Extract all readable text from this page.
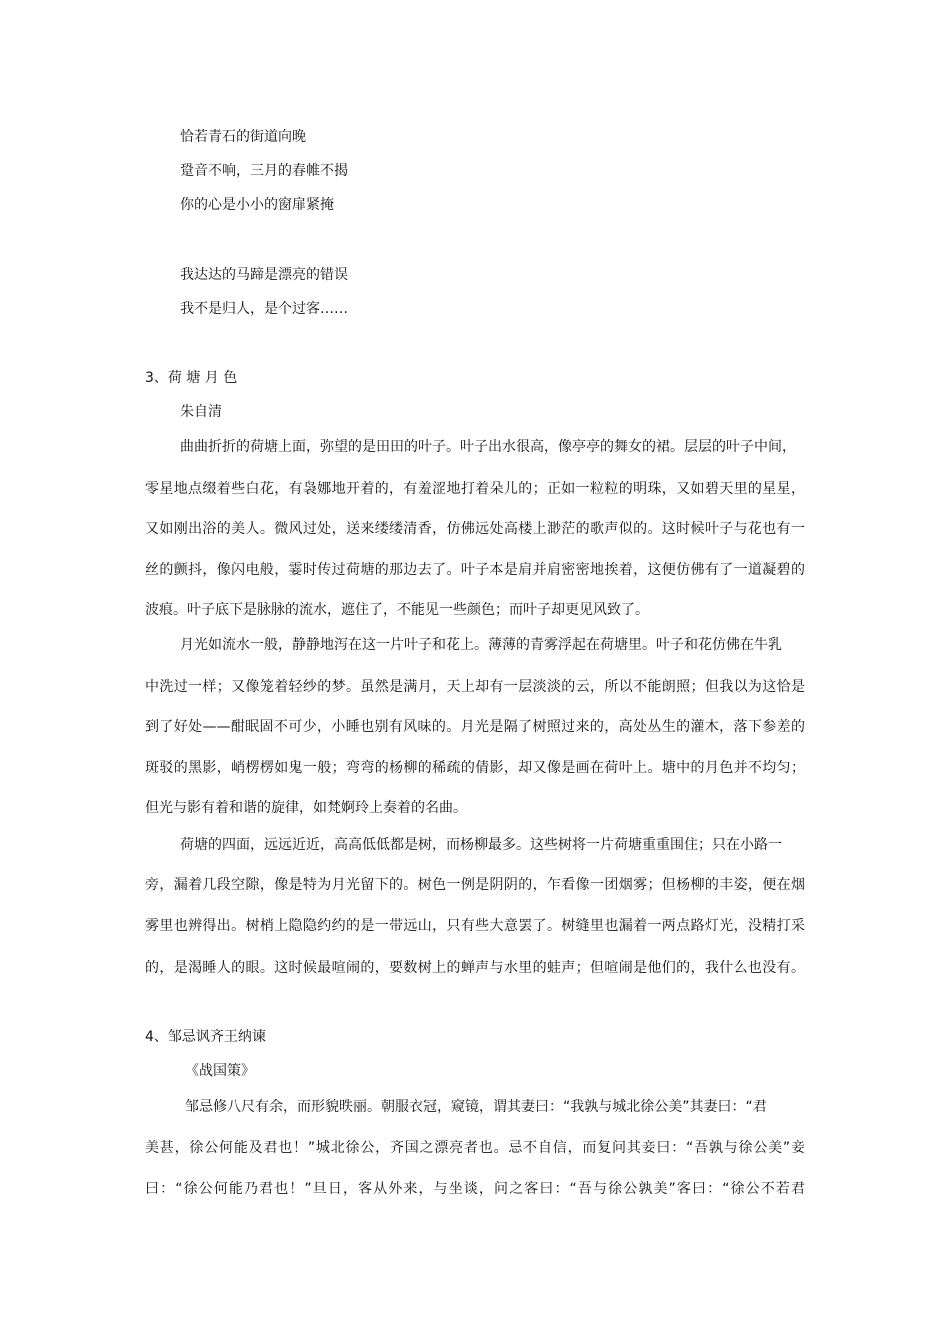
恰若青石的街道向晚

跫音不响，三月的春帷不揭

你的心是小小的窗扉紧掩

我达达的马蹄是漂亮的错误

我不是归人，是个过客……

3、荷 塘 月 色

朱自清

曲曲折折的荷塘上面，弥望的是田田的叶子。叶子出水很高，像亭亭的舞女的裙。层层的叶子中间，

零星地点缀着些白花，有袅娜地开着的，有羞涩地打着朵儿的；正如一粒粒的明珠，又如碧天里的星星，

又如刚出浴的美人。微风过处，送来缕缕清香，仿佛远处高楼上渺茫的歌声似的。这时候叶子与花也有一

丝的颤抖，像闪电般，霎时传过荷塘的那边去了。叶子本是肩并肩密密地挨着，这便仿佛有了一道凝碧的

波痕。叶子底下是脉脉的流水，遮住了，不能见一些颜色；而叶子却更见风致了。

月光如流水一般，静静地泻在这一片叶子和花上。薄薄的青雾浮起在荷塘里。叶子和花仿佛在牛乳

中洗过一样；又像笼着轻纱的梦。虽然是满月，天上却有一层淡淡的云，所以不能朗照；但我以为这恰是

到了好处——酣眠固不可少，小睡也别有风味的。月光是隔了树照过来的，高处丛生的灌木，落下参差的

斑驳的黑影，峭楞楞如鬼一般；弯弯的杨柳的稀疏的倩影，却又像是画在荷叶上。塘中的月色并不均匀；

但光与影有着和谐的旋律，如梵婀玲上奏着的名曲。

荷塘的四面，远远近近，高高低低都是树，而杨柳最多。这些树将一片荷塘重重围住；只在小路一

旁，漏着几段空隙，像是特为月光留下的。树色一例是阴阴的，乍看像一团烟雾；但杨柳的丰姿，便在烟

雾里也辨得出。树梢上隐隐约约的是一带远山，只有些大意罢了。树缝里也漏着一两点路灯光，没精打采

的，是渴睡人的眼。这时候最喧闹的，要数树上的蝉声与水里的蛙声；但喧闹是他们的，我什么也没有。

4、邹忌讽齐王纳谏

《战国策》

邹忌修八尺有余，而形貌昳丽。朝服衣冠，窥镜，谓其妻曰：“我孰与城北徐公美”其妻曰：“君

美甚，徐公何能及君也！”城北徐公，齐国之漂亮者也。忌不自信，而复问其妾曰：“吾孰与徐公美”妾

曰：“徐公何能乃君也！”旦日，客从外来，与坐谈，问之客曰：“吾与徐公孰美”客曰：“徐公不若君
